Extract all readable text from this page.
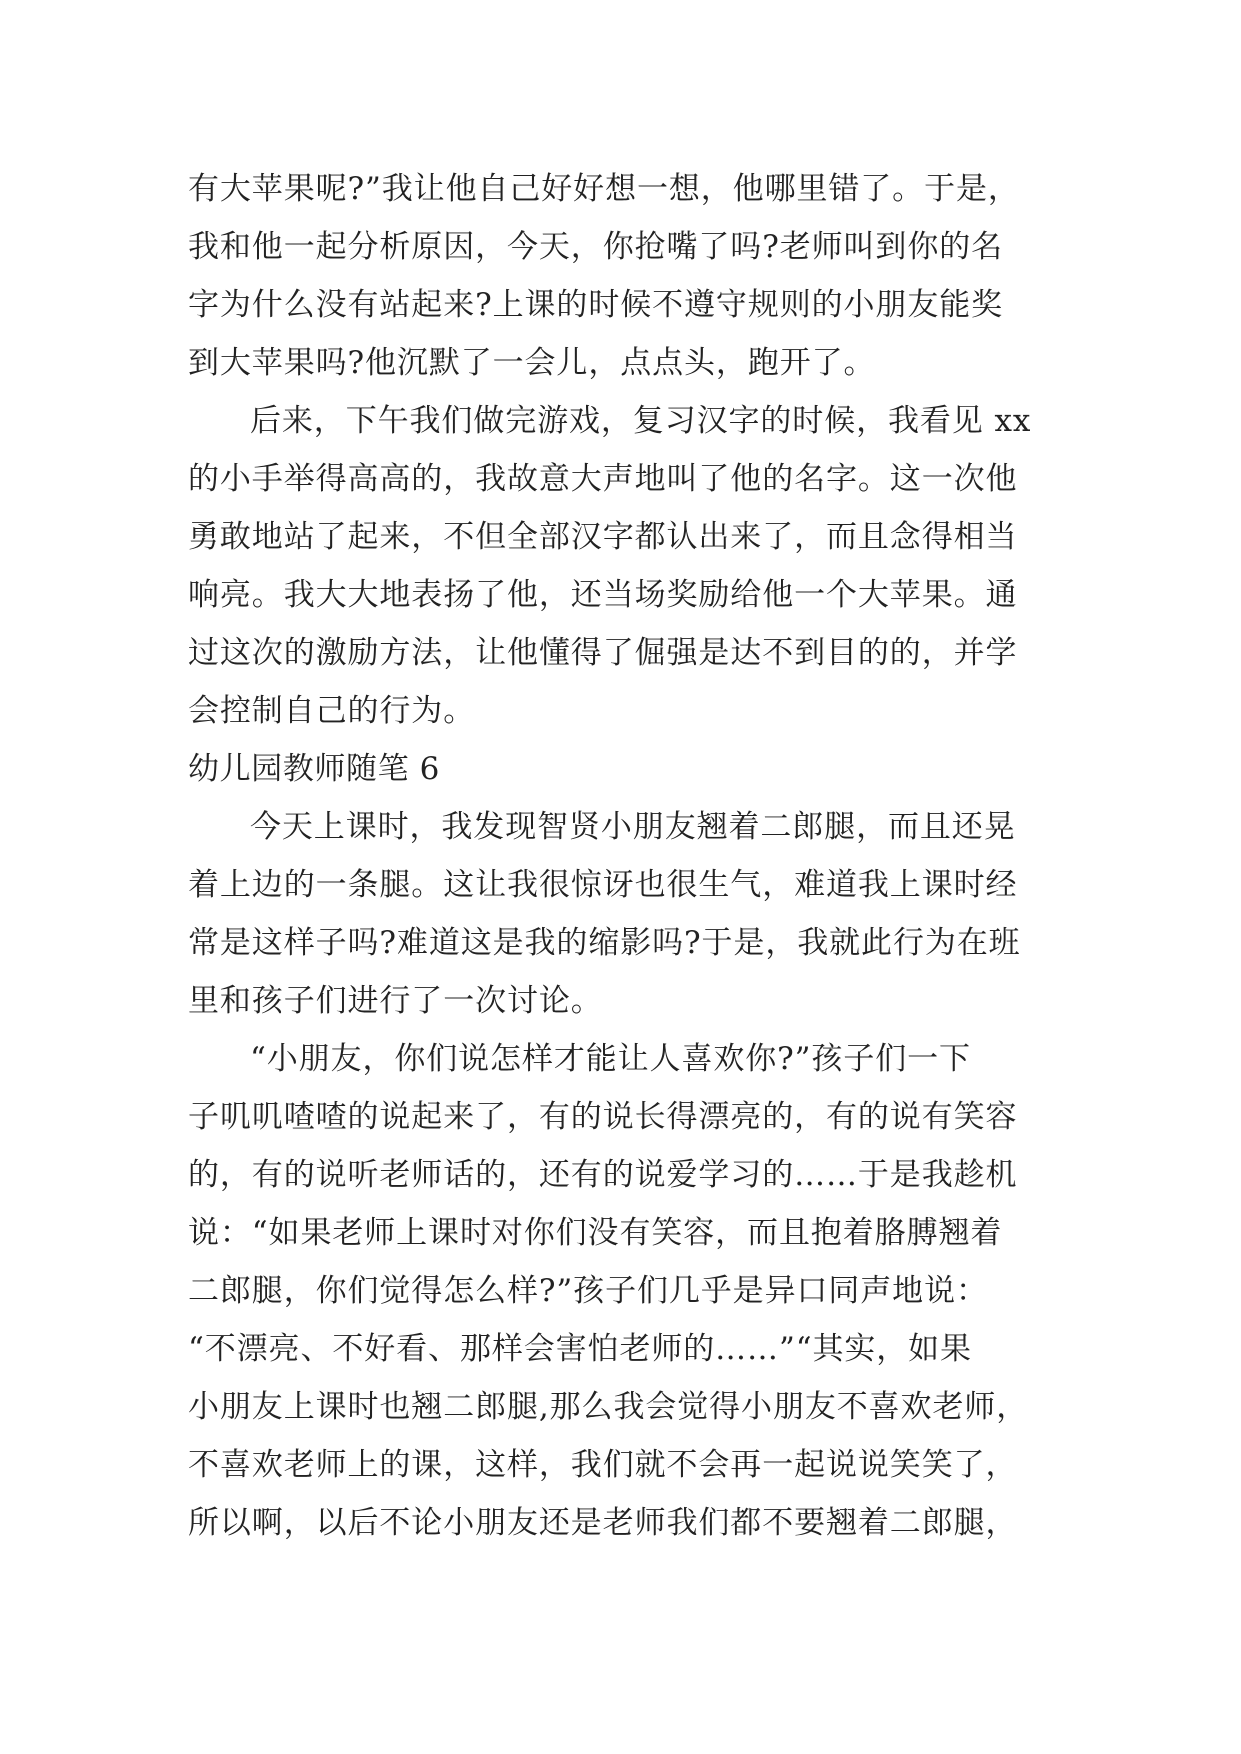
有大苹果呢?”我让他自己好好想一想，他哪里错了。于是，
我和他一起分析原因，今天，你抢嘴了吗?老师叫到你的名
字为什么没有站起来?上课的时候不遵守规则的小朋友能奖
到大苹果吗?他沉默了一会儿，点点头，跑开了。
后来，下午我们做完游戏，复习汉字的时候，我看见 xx
的小手举得高高的，我故意大声地叫了他的名字。这一次他
勇敢地站了起来，不但全部汉字都认出来了，而且念得相当
响亮。我大大地表扬了他，还当场奖励给他一个大苹果。通
过这次的激励方法，让他懂得了倔强是达不到目的的，并学
会控制自己的行为。
幼儿园教师随笔 6
今天上课时，我发现智贤小朋友翘着二郎腿，而且还晃
着上边的一条腿。这让我很惊讶也很生气，难道我上课时经
常是这样子吗?难道这是我的缩影吗?于是，我就此行为在班
里和孩子们进行了一次讨论。
“小朋友，你们说怎样才能让人喜欢你?”孩子们一下
子叽叽喳喳的说起来了，有的说长得漂亮的，有的说有笑容
的，有的说听老师话的，还有的说爱学习的……于是我趁机
说：“如果老师上课时对你们没有笑容，而且抱着胳膊翘着
二郎腿，你们觉得怎么样?”孩子们几乎是异口同声地说：
“不漂亮、不好看、那样会害怕老师的……”“其实，如果
小朋友上课时也翘二郎腿,那么我会觉得小朋友不喜欢老师，
不喜欢老师上的课，这样，我们就不会再一起说说笑笑了，
所以啊，以后不论小朋友还是老师我们都不要翘着二郎腿，
